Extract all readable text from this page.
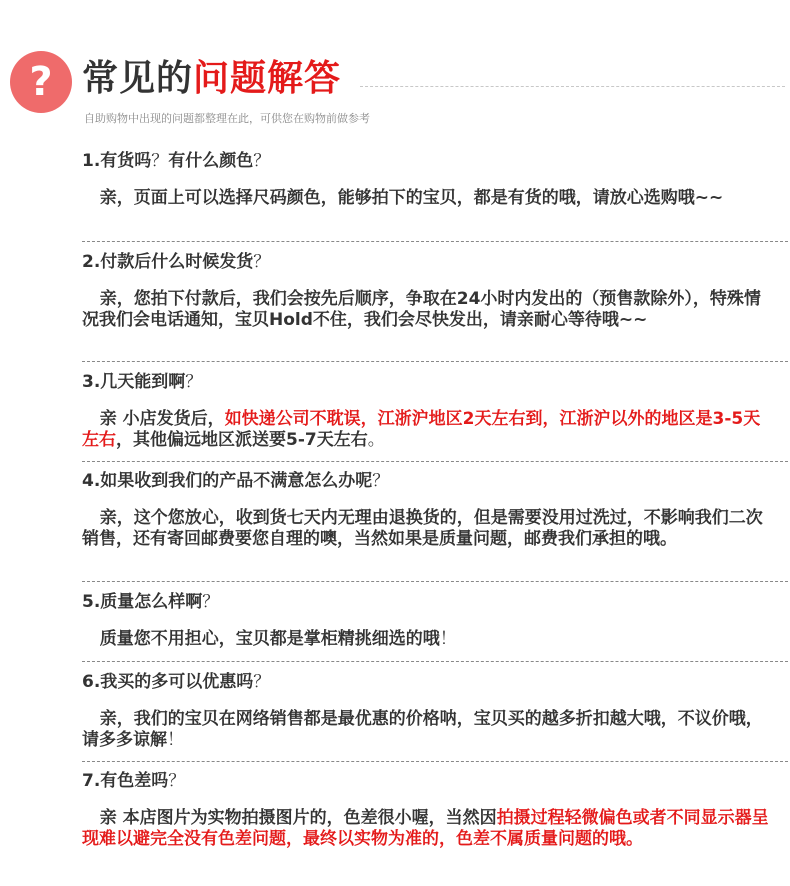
? 常见的问题解答
自助购物中出现的问题都整理在此，可供您在购物前做参考
1.有货吗？有什么颜色？
亲，页面上可以选择尺码颜色，能够拍下的宝贝，都是有货的哦，请放心选购哦~~
2.付款后什么时候发货？
亲，您拍下付款后，我们会按先后顺序，争取在24小时内发出的（预售款除外），特殊情况我们会电话通知，宝贝Hold不住，我们会尽快发出，请亲耐心等待哦~~
3.几天能到啊？
亲 小店发货后，如快递公司不耽误，江浙沪地区2天左右到，江浙沪以外的地区是3-5天左右，其他偏远地区派送要5-7天左右。
4.如果收到我们的产品不满意怎么办呢？
亲，这个您放心，收到货七天内无理由退换货的，但是需要没用过洗过，不影响我们二次销售，还有寄回邮费要您自理的噢，当然如果是质量问题，邮费我们承担的哦。
5.质量怎么样啊？
质量您不用担心，宝贝都是掌柜精挑细选的哦！
6.我买的多可以优惠吗？
亲，我们的宝贝在网络销售都是最优惠的价格呐，宝贝买的越多折扣越大哦，不议价哦，请多多谅解！
7.有色差吗？
亲 本店图片为实物拍摄图片的，色差很小喔，当然因拍摄过程轻微偏色或者不同显示器呈现难以避完全没有色差问题，最终以实物为准的，色差不属质量问题的哦。
